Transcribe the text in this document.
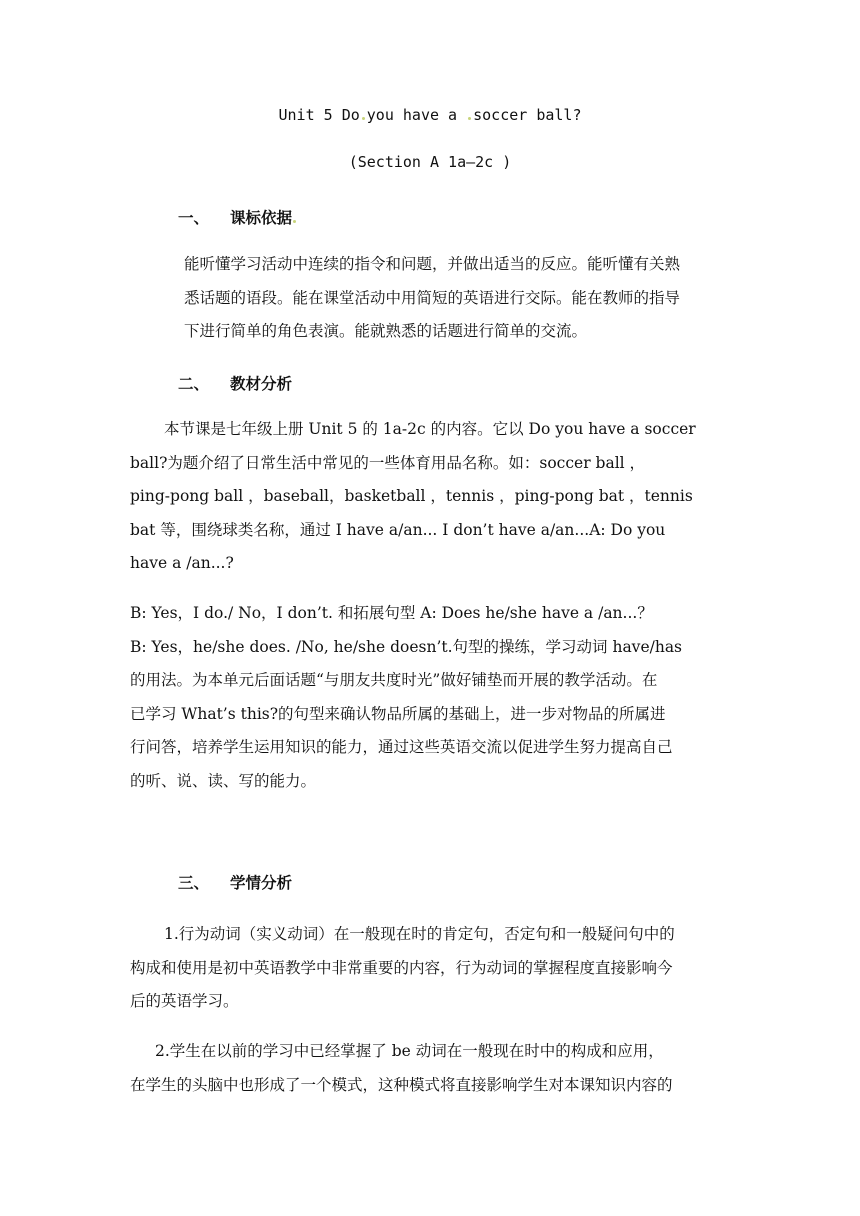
Unit 5 Do you have a soccer ball?
(Section A 1a—2c )
一、 课标依据

能听懂学习活动中连续的指令和问题，并做出适当的反应。能听懂有关熟

悉话题的语段。能在课堂活动中用简短的英语进行交际。能在教师的指导

下进行简单的角色表演。能就熟悉的话题进行简单的交流。

二、 教材分析

本节课是七年级上册 Unit 5 的 1a-2c 的内容。它以 Do you have a soccer

ball?为题介绍了日常生活中常见的一些体育用品名称。如：soccer ball ，

ping-pong ball ，baseball，basketball ，tennis ，ping-pong bat ，tennis

bat 等，围绕球类名称，通过 I have a/an... I don’t have a/an...A: Do you

have a /an...?

B: Yes，I do./ No，I don’t. 和拓展句型 A: Does he/she have a /an...？

B: Yes，he/she does. /No, he/she doesn’t.句型的操练，学习动词 have/has

的用法。为本单元后面话题“与朋友共度时光”做好铺垫而开展的教学活动。在

已学习 What’s this?的句型来确认物品所属的基础上，进一步对物品的所属进

行问答，培养学生运用知识的能力，通过这些英语交流以促进学生努力提高自己

的听、说、读、写的能力。

三、 学情分析

1.行为动词（实义动词）在一般现在时的肯定句，否定句和一般疑问句中的

构成和使用是初中英语教学中非常重要的内容，行为动词的掌握程度直接影响今

后的英语学习。

2.学生在以前的学习中已经掌握了 be 动词在一般现在时中的构成和应用，

在学生的头脑中也形成了一个模式，这种模式将直接影响学生对本课知识内容的
